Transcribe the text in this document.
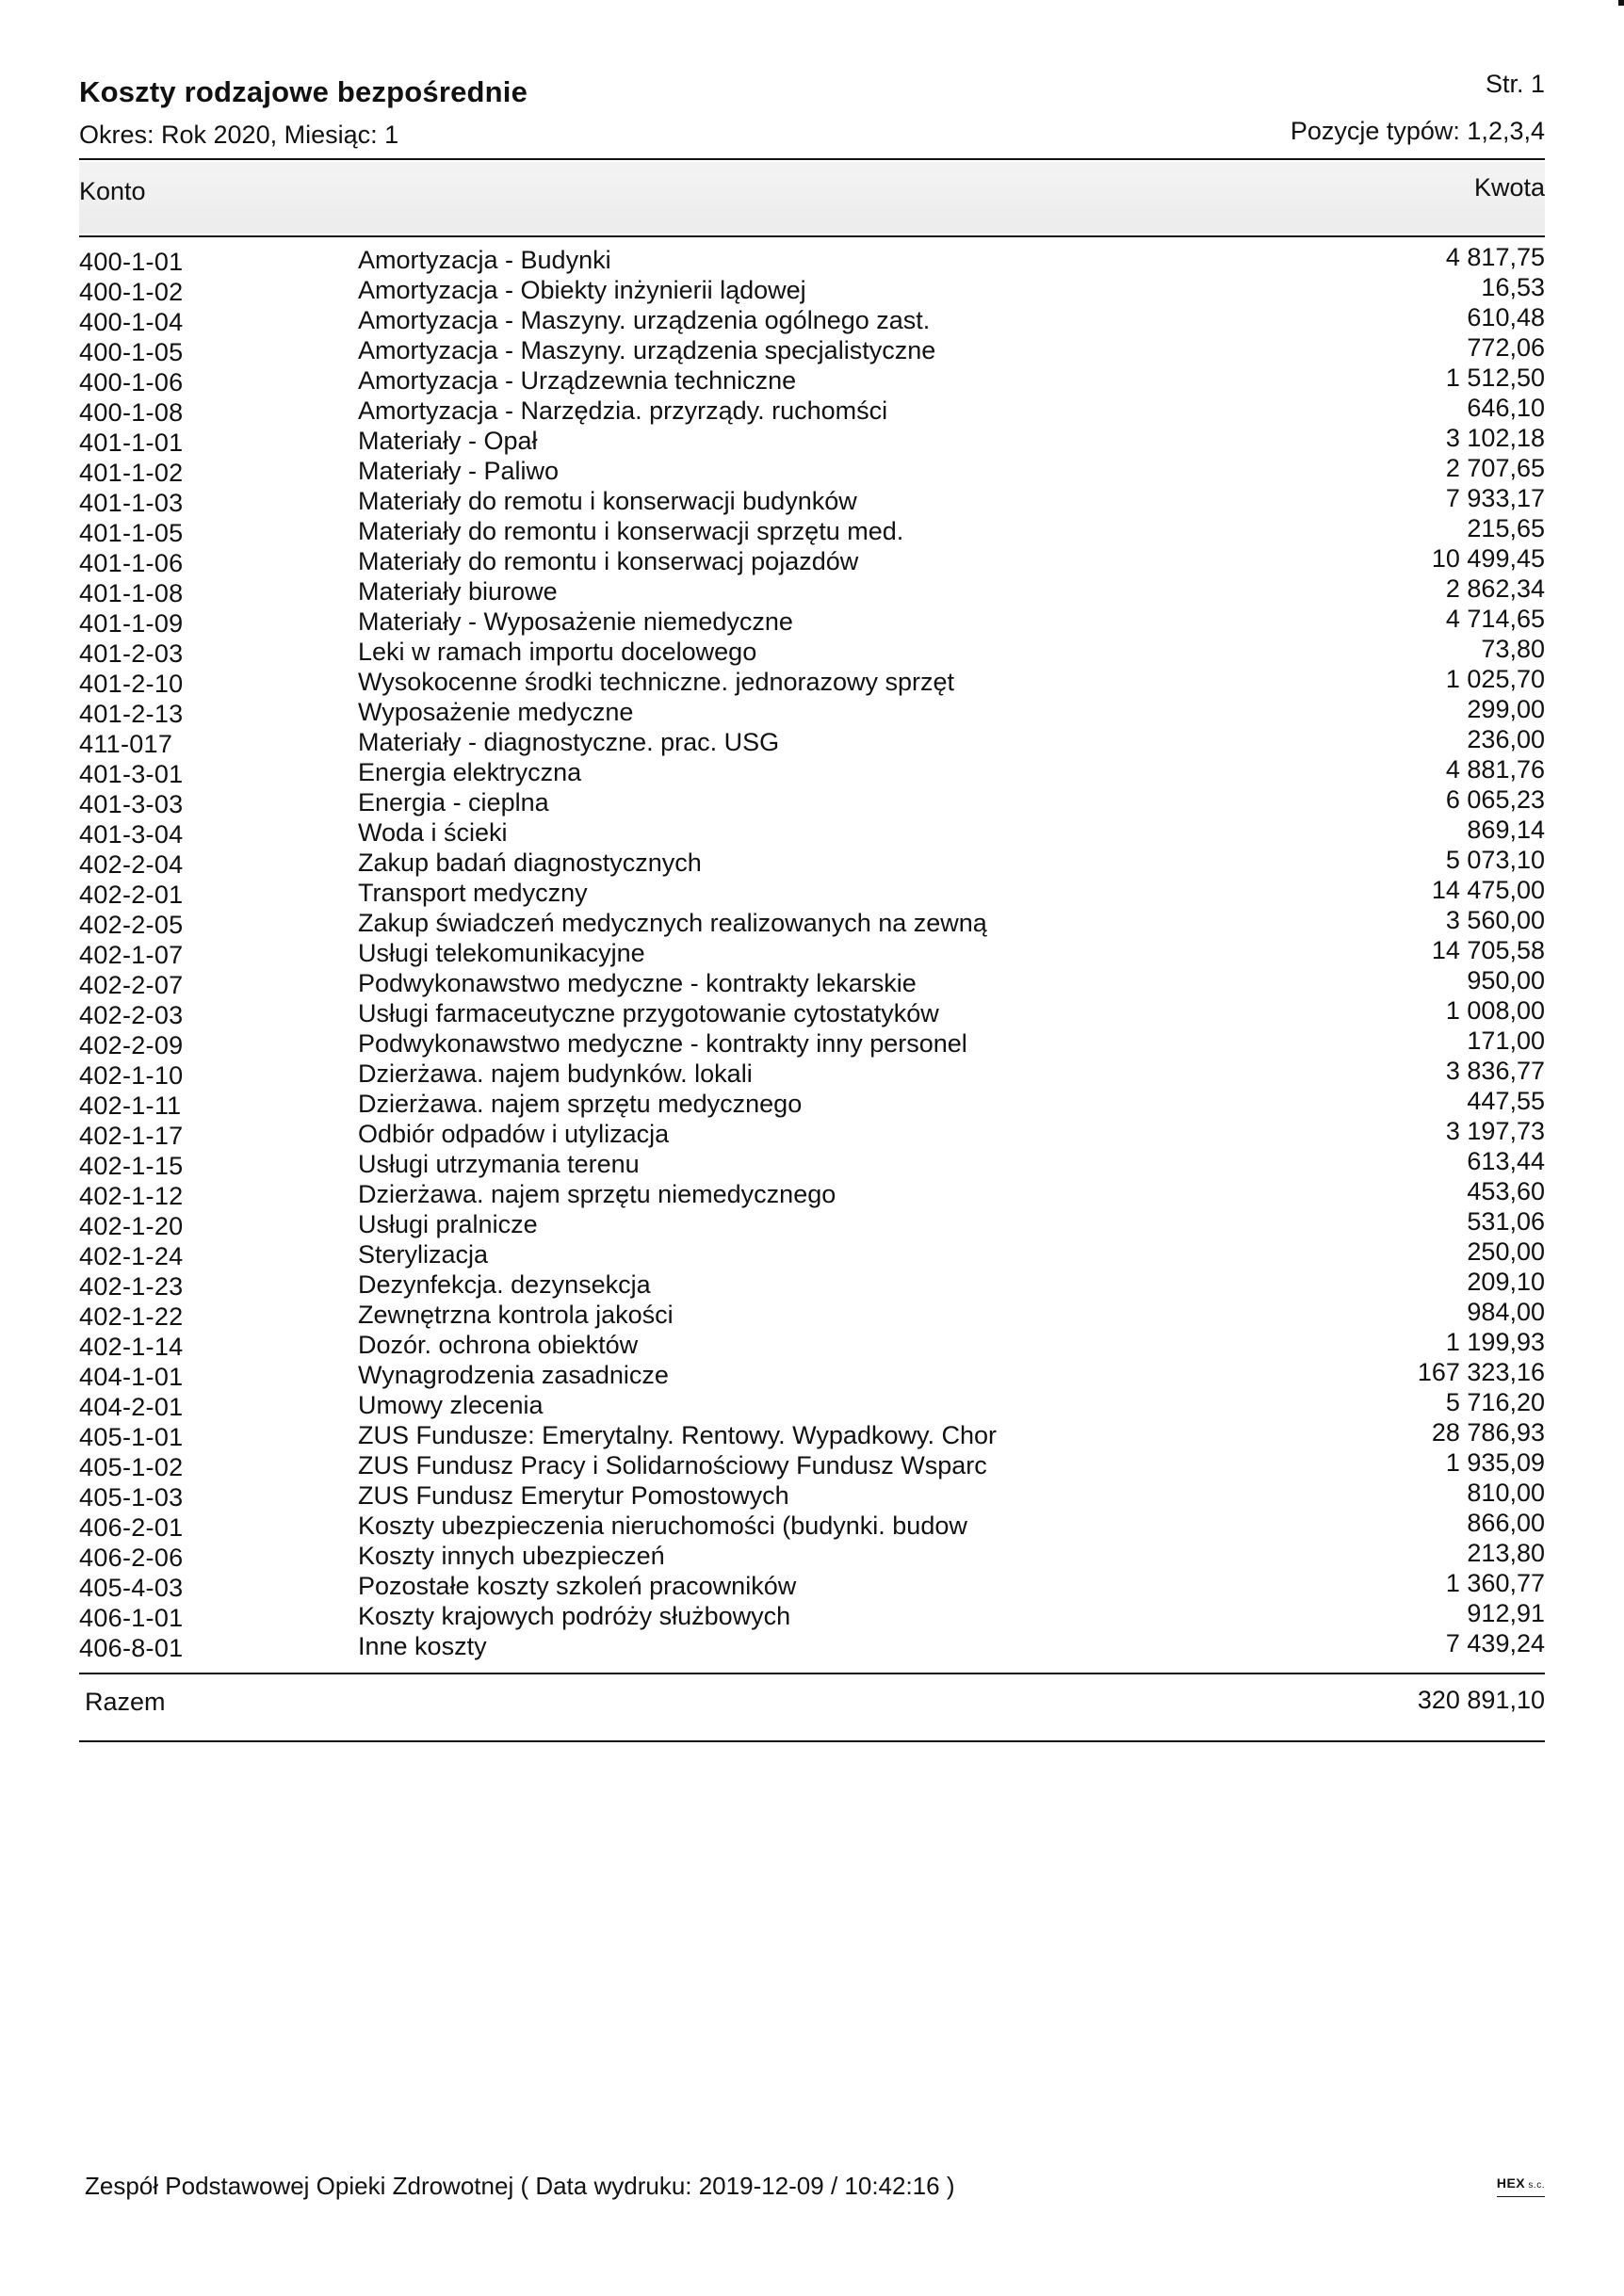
Koszty rodzajowe bezpośrednie	Str. 1
Okres: Rok 2020, Miesiąc: 1	Pozycje typów: 1,2,3,4
Konto	Kwota
400-1-01	Amortyzacja - Budynki	4 817,75
400-1-02	Amortyzacja - Obiekty inżynierii lądowej	16,53
400-1-04	Amortyzacja - Maszyny. urządzenia ogólnego zast.	610,48
400-1-05	Amortyzacja - Maszyny. urządzenia specjalistyczne	772,06
400-1-06	Amortyzacja - Urządzewnia techniczne	1 512,50
400-1-08	Amortyzacja - Narzędzia. przyrządy. ruchomści	646,10
401-1-01	Materiały - Opał	3 102,18
401-1-02	Materiały - Paliwo	2 707,65
401-1-03	Materiały do remotu i konserwacji budynków	7 933,17
401-1-05	Materiały do remontu i konserwacji sprzętu med.	215,65
401-1-06	Materiały do remontu i konserwacj pojazdów	10 499,45
401-1-08	Materiały biurowe	2 862,34
401-1-09	Materiały - Wyposażenie niemedyczne	4 714,65
401-2-03	Leki w ramach importu docelowego	73,80
401-2-10	Wysokocenne środki techniczne. jednorazowy sprzęt	1 025,70
401-2-13	Wyposażenie medyczne	299,00
411-017	Materiały - diagnostyczne. prac. USG	236,00
401-3-01	Energia elektryczna	4 881,76
401-3-03	Energia - cieplna	6 065,23
401-3-04	Woda i ścieki	869,14
402-2-04	Zakup badań diagnostycznych	5 073,10
402-2-01	Transport medyczny	14 475,00
402-2-05	Zakup świadczeń medycznych realizowanych na zewną	3 560,00
402-1-07	Usługi telekomunikacyjne	14 705,58
402-2-07	Podwykonawstwo medyczne - kontrakty lekarskie	950,00
402-2-03	Usługi farmaceutyczne przygotowanie cytostatyków	1 008,00
402-2-09	Podwykonawstwo medyczne - kontrakty inny personel	171,00
402-1-10	Dzierżawa. najem budynków. lokali	3 836,77
402-1-11	Dzierżawa. najem sprzętu medycznego	447,55
402-1-17	Odbiór odpadów i utylizacja	3 197,73
402-1-15	Usługi utrzymania terenu	613,44
402-1-12	Dzierżawa. najem sprzętu niemedycznego	453,60
402-1-20	Usługi pralnicze	531,06
402-1-24	Sterylizacja	250,00
402-1-23	Dezynfekcja. dezynsekcja	209,10
402-1-22	Zewnętrzna kontrola jakości	984,00
402-1-14	Dozór. ochrona obiektów	1 199,93
404-1-01	Wynagrodzenia zasadnicze	167 323,16
404-2-01	Umowy zlecenia	5 716,20
405-1-01	ZUS Fundusze: Emerytalny. Rentowy. Wypadkowy. Chor	28 786,93
405-1-02	ZUS Fundusz Pracy i Solidarnościowy Fundusz Wsparc	1 935,09
405-1-03	ZUS Fundusz Emerytur Pomostowych	810,00
406-2-01	Koszty ubezpieczenia nieruchomości (budynki. budow	866,00
406-2-06	Koszty innych ubezpieczeń	213,80
405-4-03	Pozostałe koszty szkoleń pracowników	1 360,77
406-1-01	Koszty krajowych podróży służbowych	912,91
406-8-01	Inne koszty	7 439,24
Razem	320 891,10
Zespół Podstawowej Opieki Zdrowotnej ( Data wydruku: 2019-12-09 / 10:42:16 )	HEX s.c.
